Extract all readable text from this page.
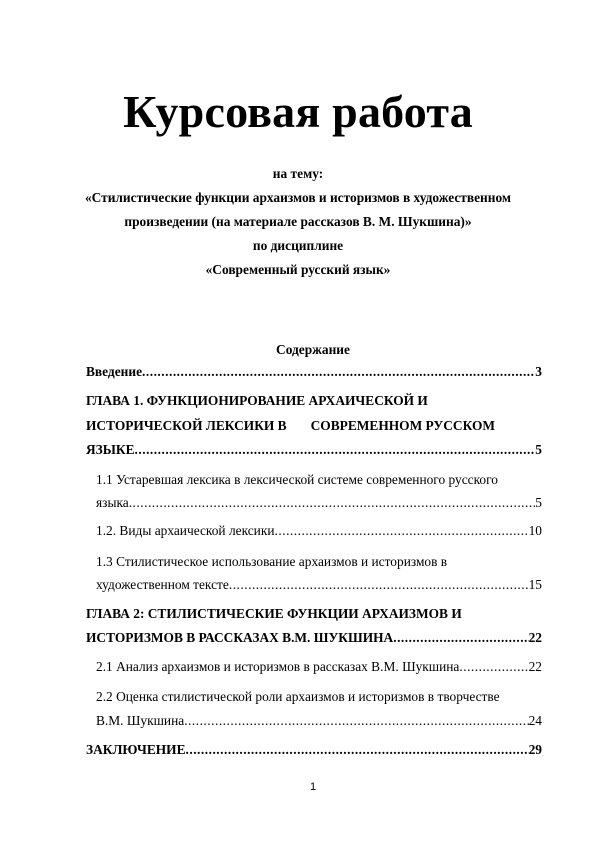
Курсовая работа
на тему:
«Стилистические функции архаизмов и историзмов в художественном
произведении (на материале рассказов В. М. Шукшина)»
по дисциплине
«Современный русский язык»
Содержание
Введение .....	3
ГЛАВА 1. ФУНКЦИОНИРОВАНИЕ АРХАИЧЕСКОЙ И
ИСТОРИЧЕСКОЙ ЛЕКСИКИ В СОВРЕМЕННОМ РУССКОМ
ЯЗЫКЕ .....	5
1.1 Устаревшая лексика в лексической системе современного русского
языка .....	5
1.2. Виды архаической лексики .....	10
1.3 Стилистическое использование архаизмов и историзмов в
художественном тексте .....	15
ГЛАВА 2: СТИЛИСТИЧЕСКИЕ ФУНКЦИИ АРХАИЗМОВ И
ИСТОРИЗМОВ В РАССКАЗАХ В.М. ШУКШИНА .....	22
2.1 Анализ архаизмов и историзмов в рассказах В.М. Шукшина .....	22
2.2 Оценка стилистической роли архаизмов и историзмов в творчестве
В.М. Шукшина .....	24
ЗАКЛЮЧЕНИЕ .....	29
1
